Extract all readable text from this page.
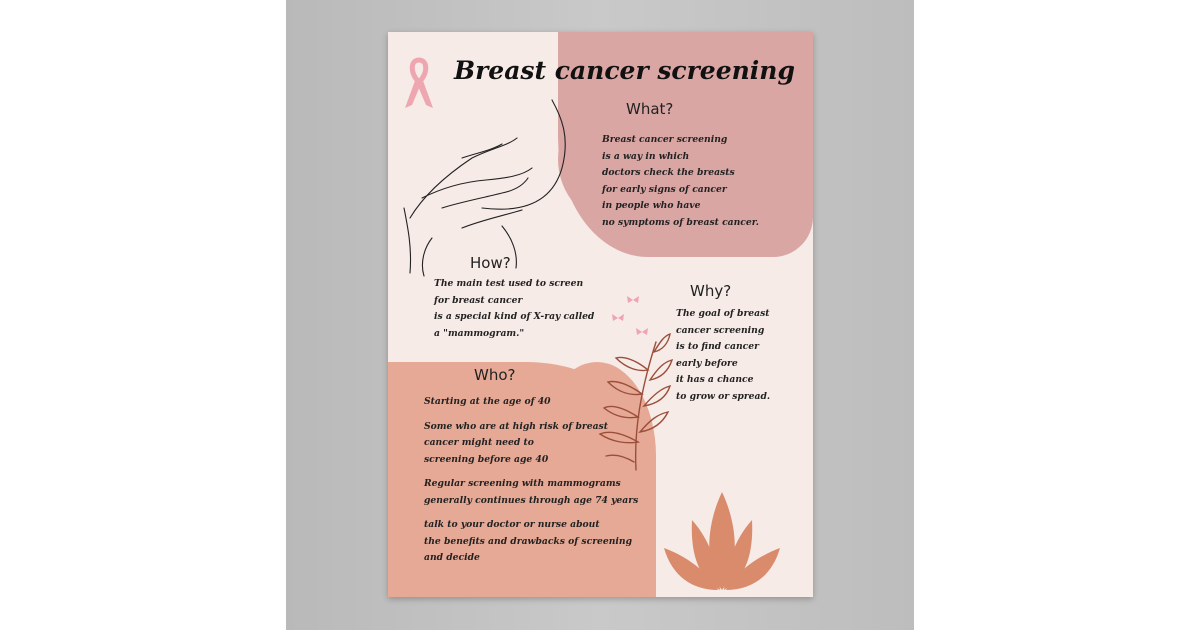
Breast cancer screening
What?
Breast cancer screening
is a way in which
doctors check the breasts
for early signs of cancer
in people who have
no symptoms of breast cancer.
How?
The main test used to screen
for breast cancer
is a special kind of X-ray called
a "mammogram."
Why?
The goal of breast
cancer screening
is to find cancer
early before
it has a chance
to grow or spread.
Who?
Starting at the age of 40
Some who are at high risk of breast
cancer might need to
screening before age 40
Regular screening with mammograms
generally continues through age 74 years
talk to your doctor or nurse about
the benefits and drawbacks of screening
and decide
